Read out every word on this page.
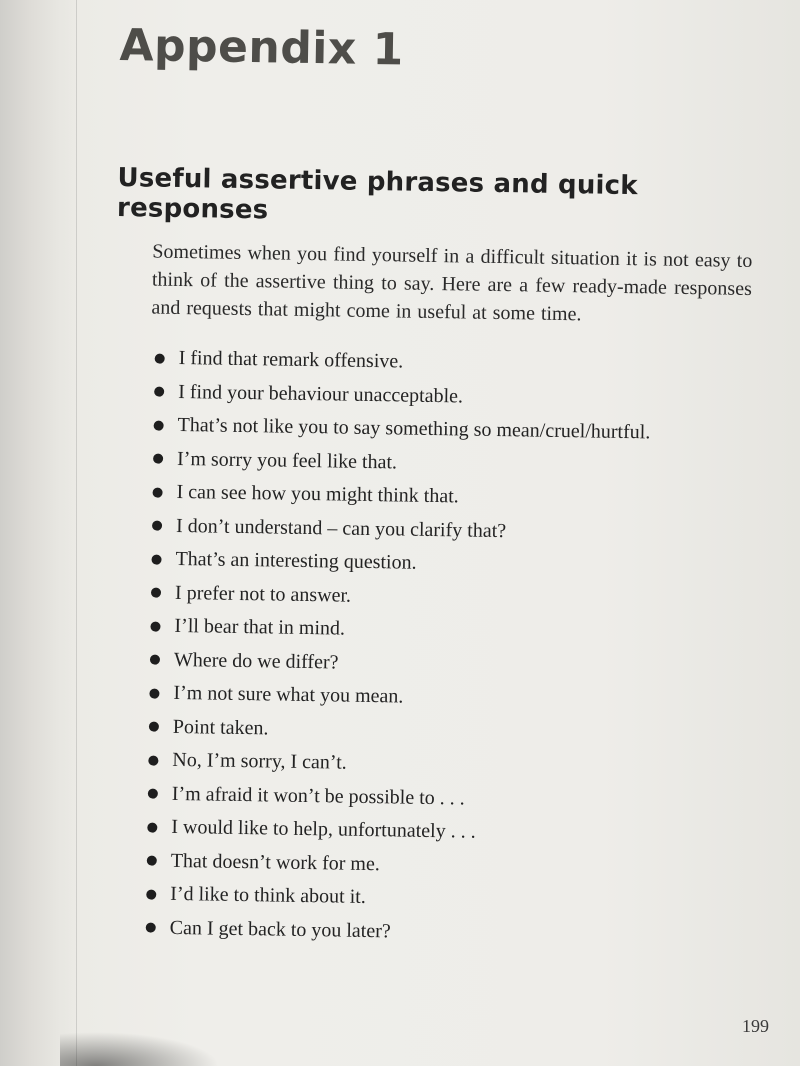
Appendix 1
Useful assertive phrases and quick responses

Sometimes when you find yourself in a difficult situation it is not easy to think of the assertive thing to say. Here are a few ready-made responses and requests that might come in useful at some time.

I find that remark offensive.
I find your behaviour unacceptable.
That’s not like you to say something so mean/cruel/hurtful.
I’m sorry you feel like that.
I can see how you might think that.
I don’t understand – can you clarify that?
That’s an interesting question.
I prefer not to answer.
I’ll bear that in mind.
Where do we differ?
I’m not sure what you mean.
Point taken.
No, I’m sorry, I can’t.
I’m afraid it won’t be possible to . . .
I would like to help, unfortunately . . .
That doesn’t work for me.
I’d like to think about it.
Can I get back to you later?
199
